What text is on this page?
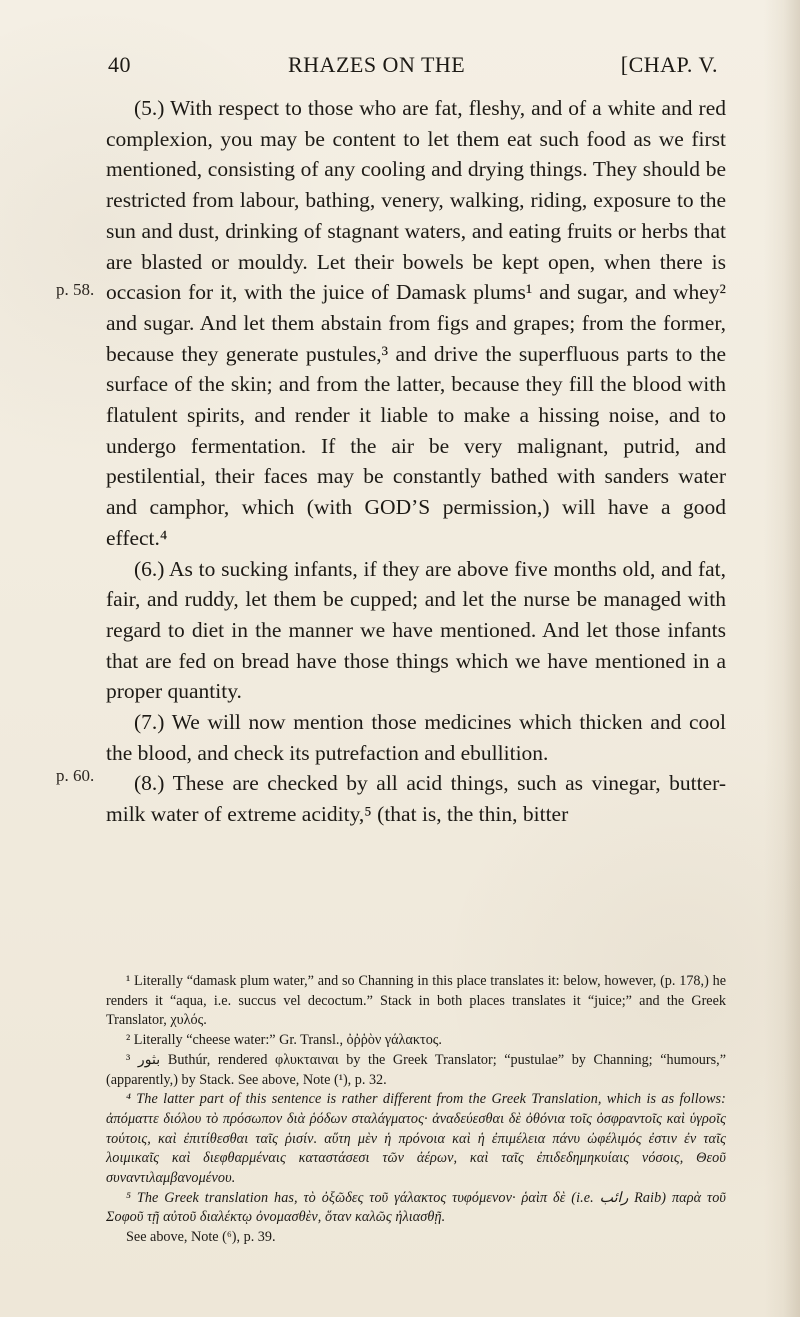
40	RHAZES ON THE	[CHAP. V.
p. 58.
p. 60.

(5.) With respect to those who are fat, fleshy, and of a white and red complexion, you may be content to let them eat such food as we first mentioned, consisting of any cooling and drying things. They should be restricted from labour, bathing, venery, walking, riding, exposure to the sun and dust, drinking of stagnant waters, and eating fruits or herbs that are blasted or mouldy. Let their bowels be kept open, when there is occasion for it, with the juice of Damask plums¹ and sugar, and whey² and sugar. And let them abstain from figs and grapes; from the former, because they generate pustules,³ and drive the superfluous parts to the surface of the skin; and from the latter, because they fill the blood with flatulent spirits, and render it liable to make a hissing noise, and to undergo fermentation. If the air be very malignant, putrid, and pestilential, their faces may be constantly bathed with sanders water and camphor, which (with GOD’S permission,) will have a good effect.⁴

(6.) As to sucking infants, if they are above five months old, and fat, fair, and ruddy, let them be cupped; and let the nurse be managed with regard to diet in the manner we have mentioned. And let those infants that are fed on bread have those things which we have mentioned in a proper quantity.

(7.) We will now mention those medicines which thicken and cool the blood, and check its putrefaction and ebullition.

(8.) These are checked by all acid things, such as vinegar, butter-milk water of extreme acidity,⁵ (that is, the thin, bitter

¹ Literally “damask plum water,” and so Channing in this place translates it: below, however, (p. 178,) he renders it “aqua, i.e. succus vel decoctum.” Stack in both places translates it “juice;” and the Greek Translator, χυλός.

² Literally “cheese water:” Gr. Transl., ὀῤῥὸν γάλακτος.

³ بثور Buthúr, rendered φλυκταιναι by the Greek Translator; “pustulae” by Channing; “humours,” (apparently,) by Stack. See above, Note (¹), p. 32.

⁴ The latter part of this sentence is rather different from the Greek Translation, which is as follows: ἀπόματτε διόλου τὸ πρόσωπον διὰ ῥόδων σταλάγματος· ἀναδεύεσθαι δὲ ὀθόνια τοῖς ὀσφραντοῖς καὶ ὑγροῖς τούτοις, καὶ ἐπιτίθεσθαι ταῖς ῥισίν. αὕτη μὲν ἡ πρόνοια καὶ ἡ ἐπιμέλεια πάνυ ὠφέλιμός ἐστιν ἐν ταῖς λοιμικαῖς καὶ διεφθαρμέναις καταστάσεσι τῶν ἀέρων, καὶ ταῖς ἐπιδεδημηκυίαις νόσοις, Θεοῦ συναντιλαμβανομένου.

⁵ The Greek translation has, τὸ ὀξῶδες τοῦ γάλακτος τυφόμενον· ῥαὶπ δὲ (i.e. رائب Raib) παρὰ τοῦ Σοφοῦ τῇ αὐτοῦ διαλέκτῳ ὀνομασθὲν, ὅταν καλῶς ἠλιασθῇ.

See above, Note (⁶), p. 39.
